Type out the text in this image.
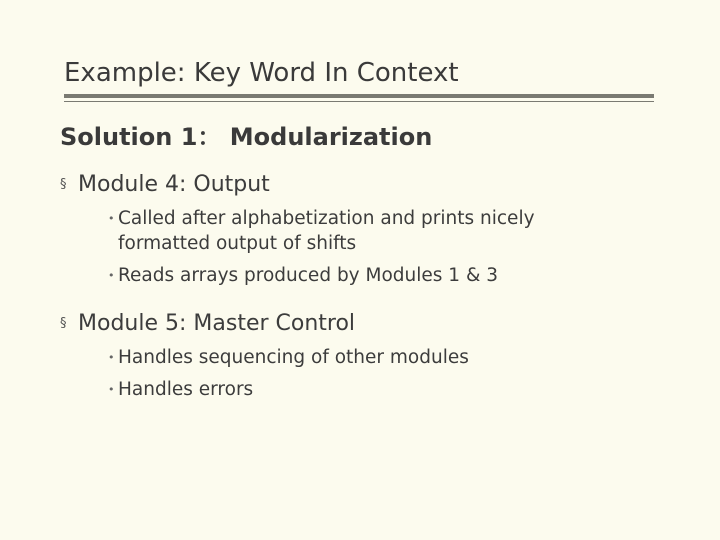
Example: Key Word In Context
Solution 1： Modularization
§ Module 4: Output
• Called after alphabetization and prints nicely formatted output of shifts
• Reads arrays produced by Modules 1 & 3
§ Module 5: Master Control
• Handles sequencing of other modules
• Handles errors
